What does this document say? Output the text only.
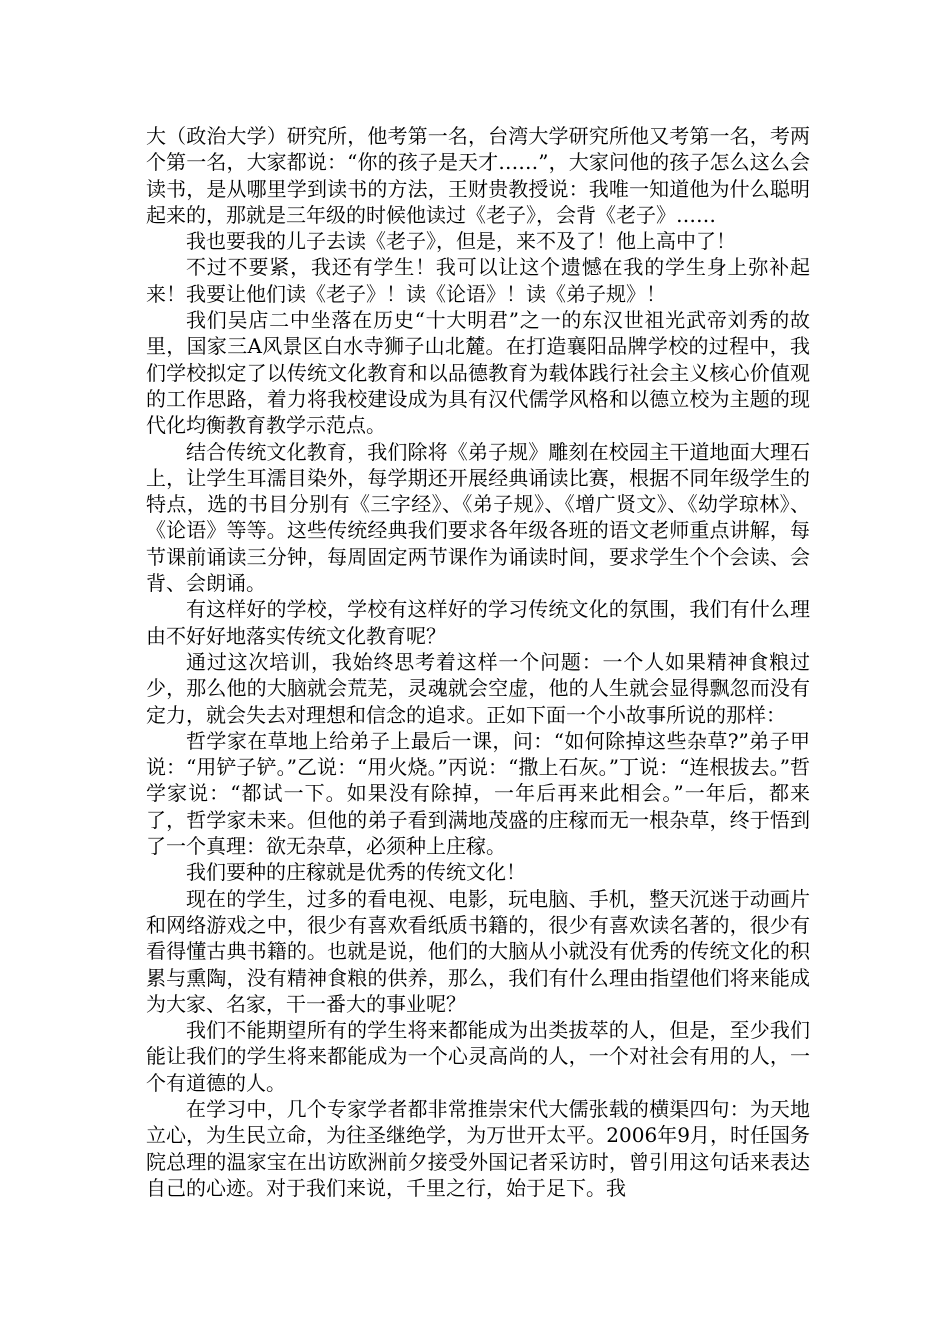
大（政治大学）研究所，他考第一名，台湾大学研究所他又考第一名，考两个第一名，大家都说：“你的孩子是天才……”，大家问他的孩子怎么这么会读书，是从哪里学到读书的方法，王财贵教授说：我唯一知道他为什么聪明起来的，那就是三年级的时候他读过《老子》，会背《老子》……

我也要我的儿子去读《老子》，但是，来不及了！他上高中了！

不过不要紧，我还有学生！我可以让这个遗憾在我的学生身上弥补起来！我要让他们读《老子》！读《论语》！读《弟子规》！

我们吴店二中坐落在历史“十大明君”之一的东汉世祖光武帝刘秀的故里，国家三A风景区白水寺狮子山北麓。在打造襄阳品牌学校的过程中，我们学校拟定了以传统文化教育和以品德教育为载体践行社会主义核心价值观的工作思路，着力将我校建设成为具有汉代儒学风格和以德立校为主题的现代化均衡教育教学示范点。

结合传统文化教育，我们除将《弟子规》雕刻在校园主干道地面大理石上，让学生耳濡目染外，每学期还开展经典诵读比赛，根据不同年级学生的特点，选的书目分别有《三字经》、《弟子规》、《增广贤文》、《幼学琼林》、《论语》等等。这些传统经典我们要求各年级各班的语文老师重点讲解，每节课前诵读三分钟，每周固定两节课作为诵读时间，要求学生个个会读、会背、会朗诵。

有这样好的学校，学校有这样好的学习传统文化的氛围，我们有什么理由不好好地落实传统文化教育呢？

通过这次培训，我始终思考着这样一个问题：一个人如果精神食粮过少，那么他的大脑就会荒芜，灵魂就会空虚，他的人生就会显得飘忽而没有定力，就会失去对理想和信念的追求。正如下面一个小故事所说的那样：

哲学家在草地上给弟子上最后一课，问：“如何除掉这些杂草?”弟子甲说：“用铲子铲。”乙说：“用火烧。”丙说：“撒上石灰。”丁说：“连根拔去。”哲学家说：“都试一下。如果没有除掉，一年后再来此相会。”一年后，都来了，哲学家未来。但他的弟子看到满地茂盛的庄稼而无一根杂草，终于悟到了一个真理：欲无杂草，必须种上庄稼。

我们要种的庄稼就是优秀的传统文化！

现在的学生，过多的看电视、电影，玩电脑、手机，整天沉迷于动画片和网络游戏之中，很少有喜欢看纸质书籍的，很少有喜欢读名著的，很少有看得懂古典书籍的。也就是说，他们的大脑从小就没有优秀的传统文化的积累与熏陶，没有精神食粮的供养，那么，我们有什么理由指望他们将来能成为大家、名家，干一番大的事业呢？

我们不能期望所有的学生将来都能成为出类拔萃的人，但是，至少我们能让我们的学生将来都能成为一个心灵高尚的人，一个对社会有用的人，一个有道德的人。

在学习中，几个专家学者都非常推崇宋代大儒张载的横渠四句：为天地立心，为生民立命，为往圣继绝学，为万世开太平。2006年9月，时任国务院总理的温家宝在出访欧洲前夕接受外国记者采访时，曾引用这句话来表达自己的心迹。对于我们来说，千里之行，始于足下。我
